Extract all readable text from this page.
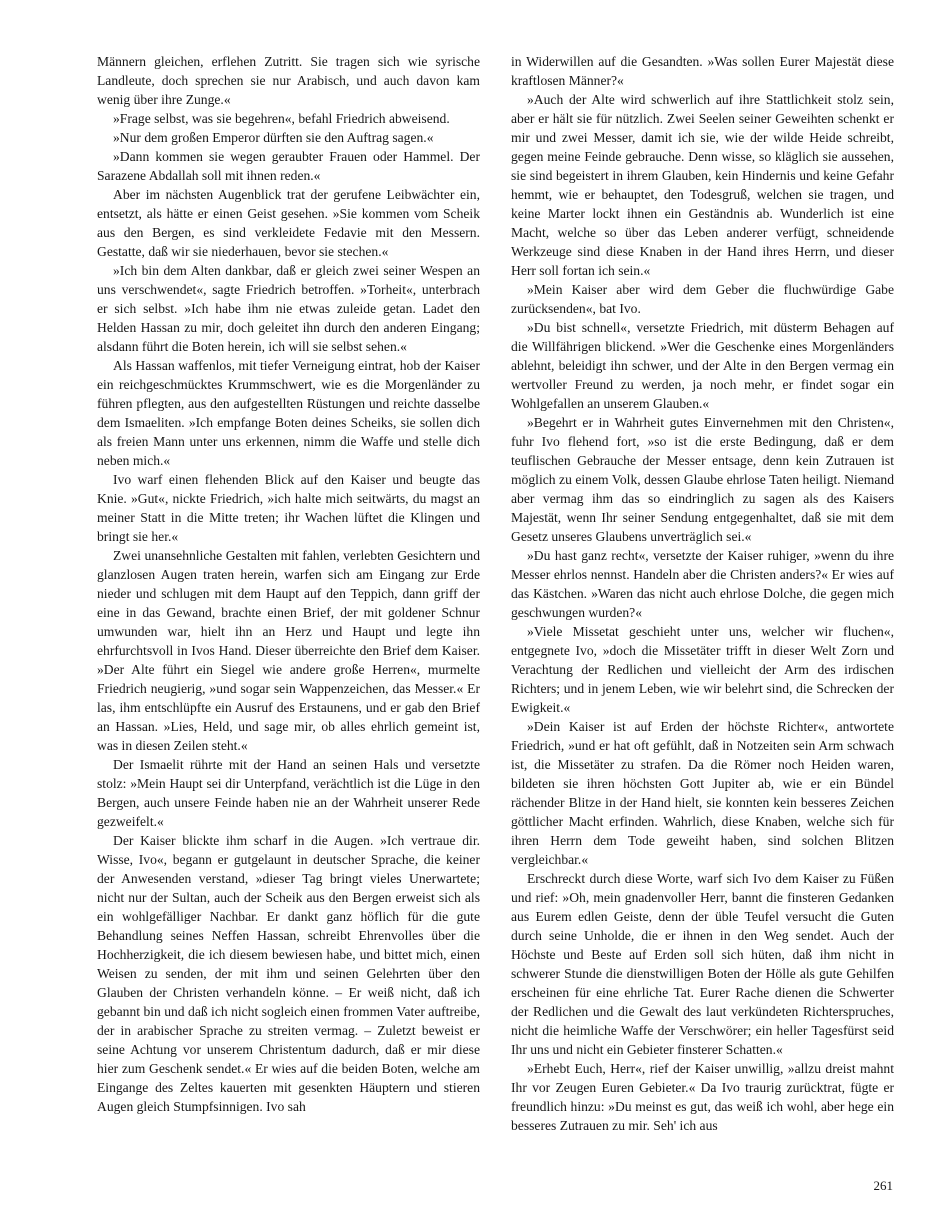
Männern gleichen, erflehen Zutritt. Sie tragen sich wie syrische Landleute, doch sprechen sie nur Arabisch, und auch davon kam wenig über ihre Zunge.«

»Frage selbst, was sie begehren«, befahl Friedrich abweisend.

»Nur dem großen Emperor dürften sie den Auftrag sagen.«

»Dann kommen sie wegen geraubter Frauen oder Hammel. Der Sarazene Abdallah soll mit ihnen reden.«

Aber im nächsten Augenblick trat der gerufene Leibwächter ein, entsetzt, als hätte er einen Geist gesehen. »Sie kommen vom Scheik aus den Bergen, es sind verkleidete Fedavie mit den Messern. Gestatte, daß wir sie niederhauen, bevor sie stechen.«

»Ich bin dem Alten dankbar, daß er gleich zwei seiner Wespen an uns verschwendet«, sagte Friedrich betroffen. »Torheit«, unterbrach er sich selbst. »Ich habe ihm nie etwas zuleide getan. Ladet den Helden Hassan zu mir, doch geleitet ihn durch den anderen Eingang; alsdann führt die Boten herein, ich will sie selbst sehen.«

Als Hassan waffenlos, mit tiefer Verneigung eintrat, hob der Kaiser ein reichgeschmücktes Krummschwert, wie es die Morgenländer zu führen pflegten, aus den aufgestellten Rüstungen und reichte dasselbe dem Ismaeliten. »Ich empfange Boten deines Scheiks, sie sollen dich als freien Mann unter uns erkennen, nimm die Waffe und stelle dich neben mich.«

Ivo warf einen flehenden Blick auf den Kaiser und beugte das Knie. »Gut«, nickte Friedrich, »ich halte mich seitwärts, du magst an meiner Statt in die Mitte treten; ihr Wachen lüftet die Klingen und bringt sie her.«

Zwei unansehnliche Gestalten mit fahlen, verlebten Gesichtern und glanzlosen Augen traten herein, warfen sich am Eingang zur Erde nieder und schlugen mit dem Haupt auf den Teppich, dann griff der eine in das Gewand, brachte einen Brief, der mit goldener Schnur umwunden war, hielt ihn an Herz und Haupt und legte ihn ehrfurchtsvoll in Ivos Hand. Dieser überreichte den Brief dem Kaiser. »Der Alte führt ein Siegel wie andere große Herren«, murmelte Friedrich neugierig, »und sogar sein Wappenzeichen, das Messer.« Er las, ihm entschlüpfte ein Ausruf des Erstaunens, und er gab den Brief an Hassan. »Lies, Held, und sage mir, ob alles ehrlich gemeint ist, was in diesen Zeilen steht.«

Der Ismaelit rührte mit der Hand an seinen Hals und versetzte stolz: »Mein Haupt sei dir Unterpfand, verächtlich ist die Lüge in den Bergen, auch unsere Feinde haben nie an der Wahrheit unserer Rede gezweifelt.«

Der Kaiser blickte ihm scharf in die Augen. »Ich vertraue dir. Wisse, Ivo«, begann er gutgelaunt in deutscher Sprache, die keiner der Anwesenden verstand, »dieser Tag bringt vieles Unerwartete; nicht nur der Sultan, auch der Scheik aus den Bergen erweist sich als ein wohlgefälliger Nachbar. Er dankt ganz höflich für die gute Behandlung seines Neffen Hassan, schreibt Ehrenvolles über die Hochherzigkeit, die ich diesem bewiesen habe, und bittet mich, einen Weisen zu senden, der mit ihm und seinen Gelehrten über den Glauben der Christen verhandeln könne. – Er weiß nicht, daß ich gebannt bin und daß ich nicht sogleich einen frommen Vater auftreibe, der in arabischer Sprache zu streiten vermag. – Zuletzt beweist er seine Achtung vor unserem Christentum dadurch, daß er mir diese hier zum Geschenk sendet.« Er wies auf die beiden Boten, welche am Eingange des Zeltes kauerten mit gesenkten Häuptern und stieren Augen gleich Stumpfsinnigen. Ivo sah

in Widerwillen auf die Gesandten. »Was sollen Eurer Majestät diese kraftlosen Männer?«

»Auch der Alte wird schwerlich auf ihre Stattlichkeit stolz sein, aber er hält sie für nützlich. Zwei Seelen seiner Geweihten schenkt er mir und zwei Messer, damit ich sie, wie der wilde Heide schreibt, gegen meine Feinde gebrauche. Denn wisse, so kläglich sie aussehen, sie sind begeistert in ihrem Glauben, kein Hindernis und keine Gefahr hemmt, wie er behauptet, den Todesgruß, welchen sie tragen, und keine Marter lockt ihnen ein Geständnis ab. Wunderlich ist eine Macht, welche so über das Leben anderer verfügt, schneidende Werkzeuge sind diese Knaben in der Hand ihres Herrn, und dieser Herr soll fortan ich sein.«

»Mein Kaiser aber wird dem Geber die fluchwürdige Gabe zurücksenden«, bat Ivo.

»Du bist schnell«, versetzte Friedrich, mit düsterm Behagen auf die Willfährigen blickend. »Wer die Geschenke eines Morgenländers ablehnt, beleidigt ihn schwer, und der Alte in den Bergen vermag ein wertvoller Freund zu werden, ja noch mehr, er findet sogar ein Wohlgefallen an unserem Glauben.«

»Begehrt er in Wahrheit gutes Einvernehmen mit den Christen«, fuhr Ivo flehend fort, »so ist die erste Bedingung, daß er dem teuflischen Gebrauche der Messer entsage, denn kein Zutrauen ist möglich zu einem Volk, dessen Glaube ehrlose Taten heiligt. Niemand aber vermag ihm das so eindringlich zu sagen als des Kaisers Majestät, wenn Ihr seiner Sendung entgegenhaltet, daß sie mit dem Gesetz unseres Glaubens unverträglich sei.«

»Du hast ganz recht«, versetzte der Kaiser ruhiger, »wenn du ihre Messer ehrlos nennst. Handeln aber die Christen anders?« Er wies auf das Kästchen. »Waren das nicht auch ehrlose Dolche, die gegen mich geschwungen wurden?«

»Viele Missetat geschieht unter uns, welcher wir fluchen«, entgegnete Ivo, »doch die Missetäter trifft in dieser Welt Zorn und Verachtung der Redlichen und vielleicht der Arm des irdischen Richters; und in jenem Leben, wie wir belehrt sind, die Schrecken der Ewigkeit.«

»Dein Kaiser ist auf Erden der höchste Richter«, antwortete Friedrich, »und er hat oft gefühlt, daß in Notzeiten sein Arm schwach ist, die Missetäter zu strafen. Da die Römer noch Heiden waren, bildeten sie ihren höchsten Gott Jupiter ab, wie er ein Bündel rächender Blitze in der Hand hielt, sie konnten kein besseres Zeichen göttlicher Macht erfinden. Wahrlich, diese Knaben, welche sich für ihren Herrn dem Tode geweiht haben, sind solchen Blitzen vergleichbar.«

Erschreckt durch diese Worte, warf sich Ivo dem Kaiser zu Füßen und rief: »Oh, mein gnadenvoller Herr, bannt die finsteren Gedanken aus Eurem edlen Geiste, denn der üble Teufel versucht die Guten durch seine Unholde, die er ihnen in den Weg sendet. Auch der Höchste und Beste auf Erden soll sich hüten, daß ihm nicht in schwerer Stunde die dienstwilligen Boten der Hölle als gute Gehilfen erscheinen für eine ehrliche Tat. Eurer Rache dienen die Schwerter der Redlichen und die Gewalt des laut verkündeten Richterspruches, nicht die heimliche Waffe der Verschwörer; ein heller Tagesfürst seid Ihr uns und nicht ein Gebieter finsterer Schatten.«

»Erhebt Euch, Herr«, rief der Kaiser unwillig, »allzu dreist mahnt Ihr vor Zeugen Euren Gebieter.« Da Ivo traurig zurücktrat, fügte er freundlich hinzu: »Du meinst es gut, das weiß ich wohl, aber hege ein besseres Zutrauen zu mir. Seh' ich aus

261
